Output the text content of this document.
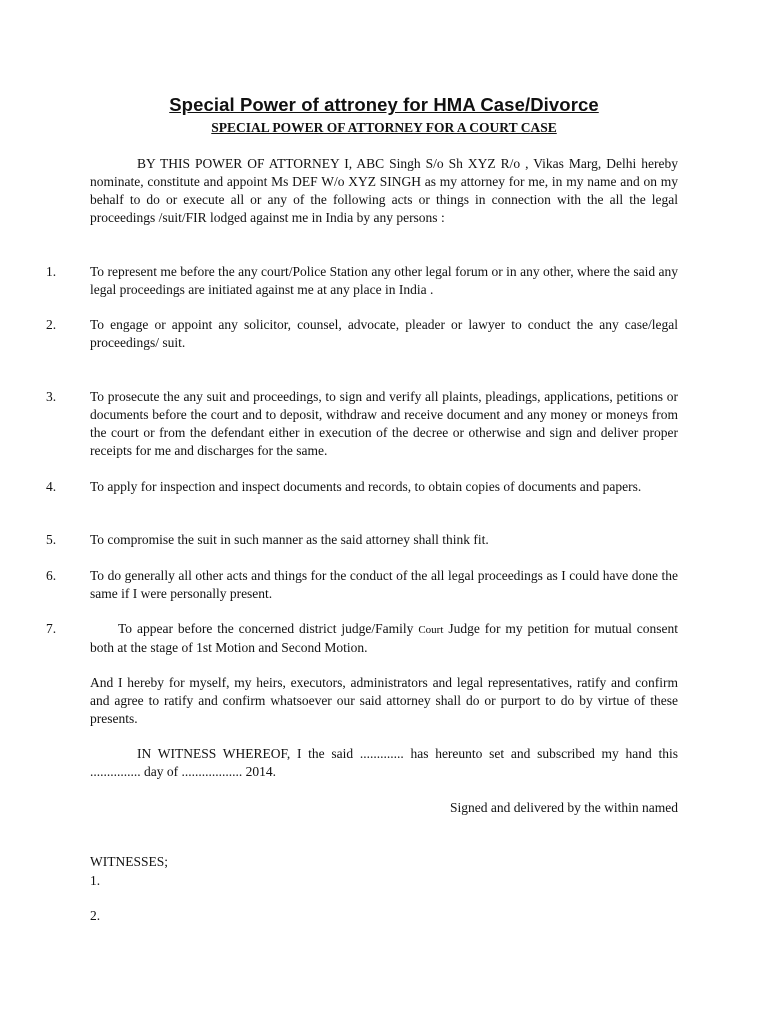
Special Power of attroney for HMA Case/Divorce
SPECIAL POWER OF ATTORNEY FOR A COURT CASE
BY THIS POWER OF ATTORNEY I, ABC Singh S/o Sh XYZ R/o , Vikas Marg, Delhi hereby nominate, constitute and appoint Ms DEF W/o XYZ SINGH as my attorney for me, in my name and on my behalf to do or execute all or any of the following acts or things in connection with the all the legal proceedings /suit/FIR lodged against me in India by any persons :
1.	To represent me before the any court/Police Station any other legal forum or in any other, where the said any legal proceedings are initiated against me at any place in India .
2.	To engage or appoint any solicitor, counsel, advocate, pleader or lawyer to conduct the any case/legal proceedings/ suit.
3.	To prosecute the any suit and proceedings, to sign and verify all plaints, pleadings, applications, petitions or documents before the court and to deposit, withdraw and receive document and any money or moneys from the court or from the defendant either in execution of the decree or otherwise and sign and deliver proper receipts for me and discharges for the same.
4.	To apply for inspection and inspect documents and records, to obtain copies of documents and papers.
5.	To compromise the suit in such manner as the said attorney shall think fit.
6.	To do generally all other acts and things for the conduct of the all legal proceedings as I could have done the same if I were personally present.
7.	To appear before the concerned district judge/Family Court Judge for my petition for mutual consent both at the stage of 1st Motion and Second Motion.
And I hereby for myself, my heirs, executors, administrators and legal representatives, ratify and confirm and agree to ratify and confirm whatsoever our said attorney shall do or purport to do by virtue of these presents.
IN WITNESS WHEREOF, I the said ............. has hereunto set and subscribed my hand this ............... day of .................. 2014.
Signed and delivered by the within named
WITNESSES;
1.
2.
